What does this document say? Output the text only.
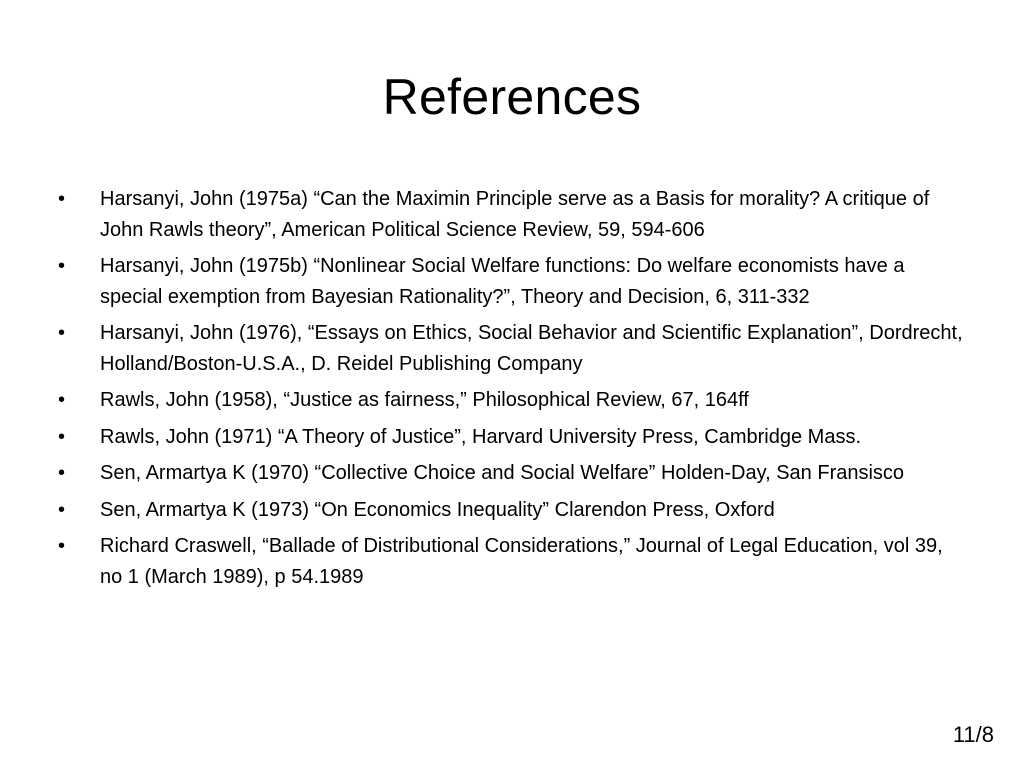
References
• Harsanyi, John (1975a) “Can the Maximin Principle serve as a Basis for morality? A critique of John Rawls theory”, American Political Science Review, 59, 594-606
• Harsanyi, John (1975b) “Nonlinear Social Welfare functions: Do welfare economists have a special exemption from Bayesian Rationality?”, Theory and Decision, 6, 311-332
• Harsanyi, John (1976), “Essays on Ethics, Social Behavior and Scientific Explanation”, Dordrecht, Holland/Boston-U.S.A., D. Reidel Publishing Company
• Rawls, John (1958), “Justice as fairness,” Philosophical Review, 67, 164ff
• Rawls, John (1971) “A Theory of Justice”, Harvard University Press, Cambridge Mass.
• Sen, Armartya K (1970) “Collective Choice and Social Welfare” Holden-Day, San Fransisco
• Sen, Armartya K (1973) “On Economics Inequality” Clarendon Press, Oxford
• Richard Craswell, “Ballade of Distributional Considerations,” Journal of Legal Education, vol 39, no 1 (March 1989), p 54.1989
11/8
